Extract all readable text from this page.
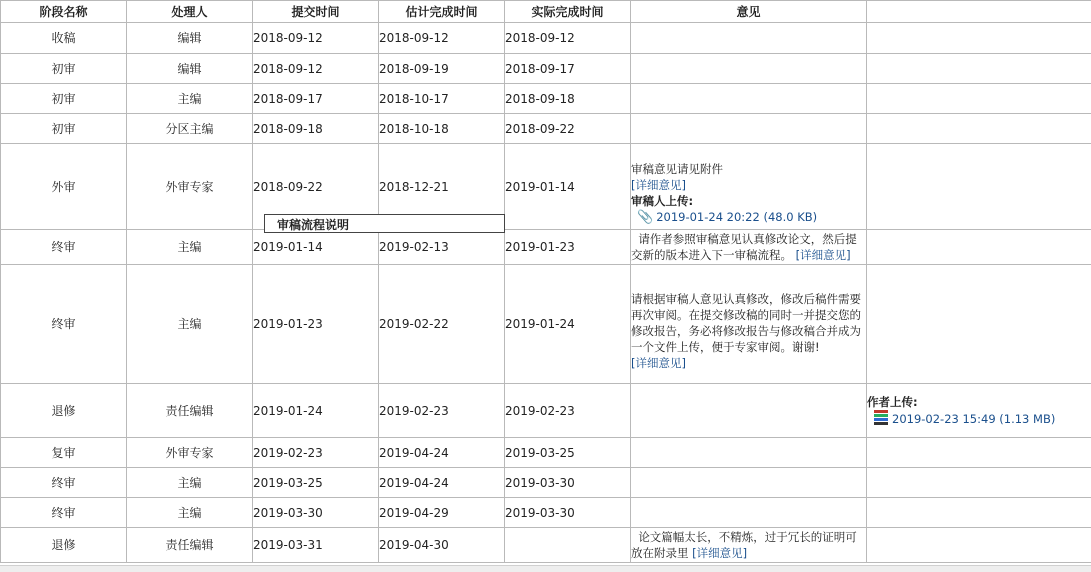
阶段名称	处理人	提交时间	估计完成时间	实际完成时间	意见	
收稿	编辑	2018-09-12	2018-09-12	2018-09-12		
初审	编辑	2018-09-12	2018-09-19	2018-09-17		
初审	主编	2018-09-17	2018-10-17	2018-09-18		
初审	分区主编	2018-09-18	2018-10-18	2018-09-22		
外审	外审专家	2018-09-22	2018-12-21	2019-01-14	审稿意见请见附件
[详细意见]
审稿人上传:
📎 2019-01-24 20:22 (48.0 KB)	

终审	主编	2019-01-14	2019-02-13	2019-01-23	请作者参照审稿意见认真修改论文，然后提交新的版本进入下一审稿流程。 [详细意见]	
终审	主编	2019-01-23	2019-02-22	2019-01-24	请根据审稿人意见认真修改，修改后稿件需要再次审阅。在提交修改稿的同时一并提交您的修改报告，务必将修改报告与修改稿合并成为一个文件上传，便于专家审阅。谢谢!
[详细意见]	

退修	责任编辑	2019-01-24	2019-02-23	2019-02-23		作者上传:
2019-02-23 15:49 (1.13 MB)

复审	外审专家	2019-02-23	2019-04-24	2019-03-25		
终审	主编	2019-03-25	2019-04-24	2019-03-30		
终审	主编	2019-03-30	2019-04-29	2019-03-30		
退修	责任编辑	2019-03-31	2019-04-30		论文篇幅太长，不精炼，过于冗长的证明可放在附录里 [详细意见]	
审稿流程说明
